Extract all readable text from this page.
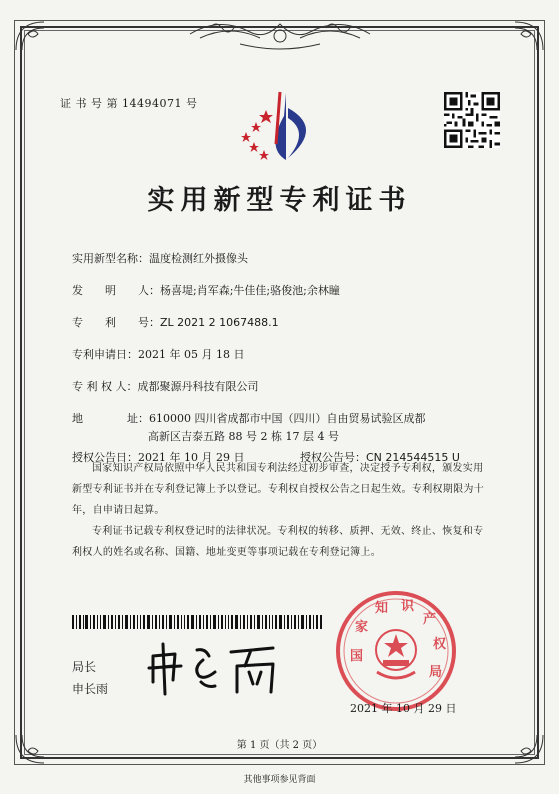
证 书 号 第 14494071 号
实用新型专利证书
实用新型名称：温度检测红外摄像头
发　　明　　人：杨喜堤;肖军森;牛佳佳;骆俊池;余林瞳
专　　利　　号：ZL 2021 2 1067488.1
专利申请日：2021 年 05 月 18 日
专 利 权 人：成都聚源丹科技有限公司
地　　　　址：610000 四川省成都市中国（四川）自由贸易试验区成都
高新区吉泰五路 88 号 2 栋 17 层 4 号
授权公告日：2021 年 10 月 29 日	授权公告号：CN 214544515 U
国家知识产权局依照中华人民共和国专利法经过初步审查，决定授予专利权，颁发实用
新型专利证书并在专利登记簿上予以登记。专利权自授权公告之日起生效。专利权期限为十
年，自申请日起算。
专利证书记载专利权登记时的法律状况。专利权的转移、质押、无效、终止、恢复和专
利权人的姓名或名称、国籍、地址变更等事项记载在专利登记簿上。
局长
申长雨
国
家
知 识
产
权
局
2021 年 10 月 29 日
第 1 页（共 2 页）
其他事项参见背面
